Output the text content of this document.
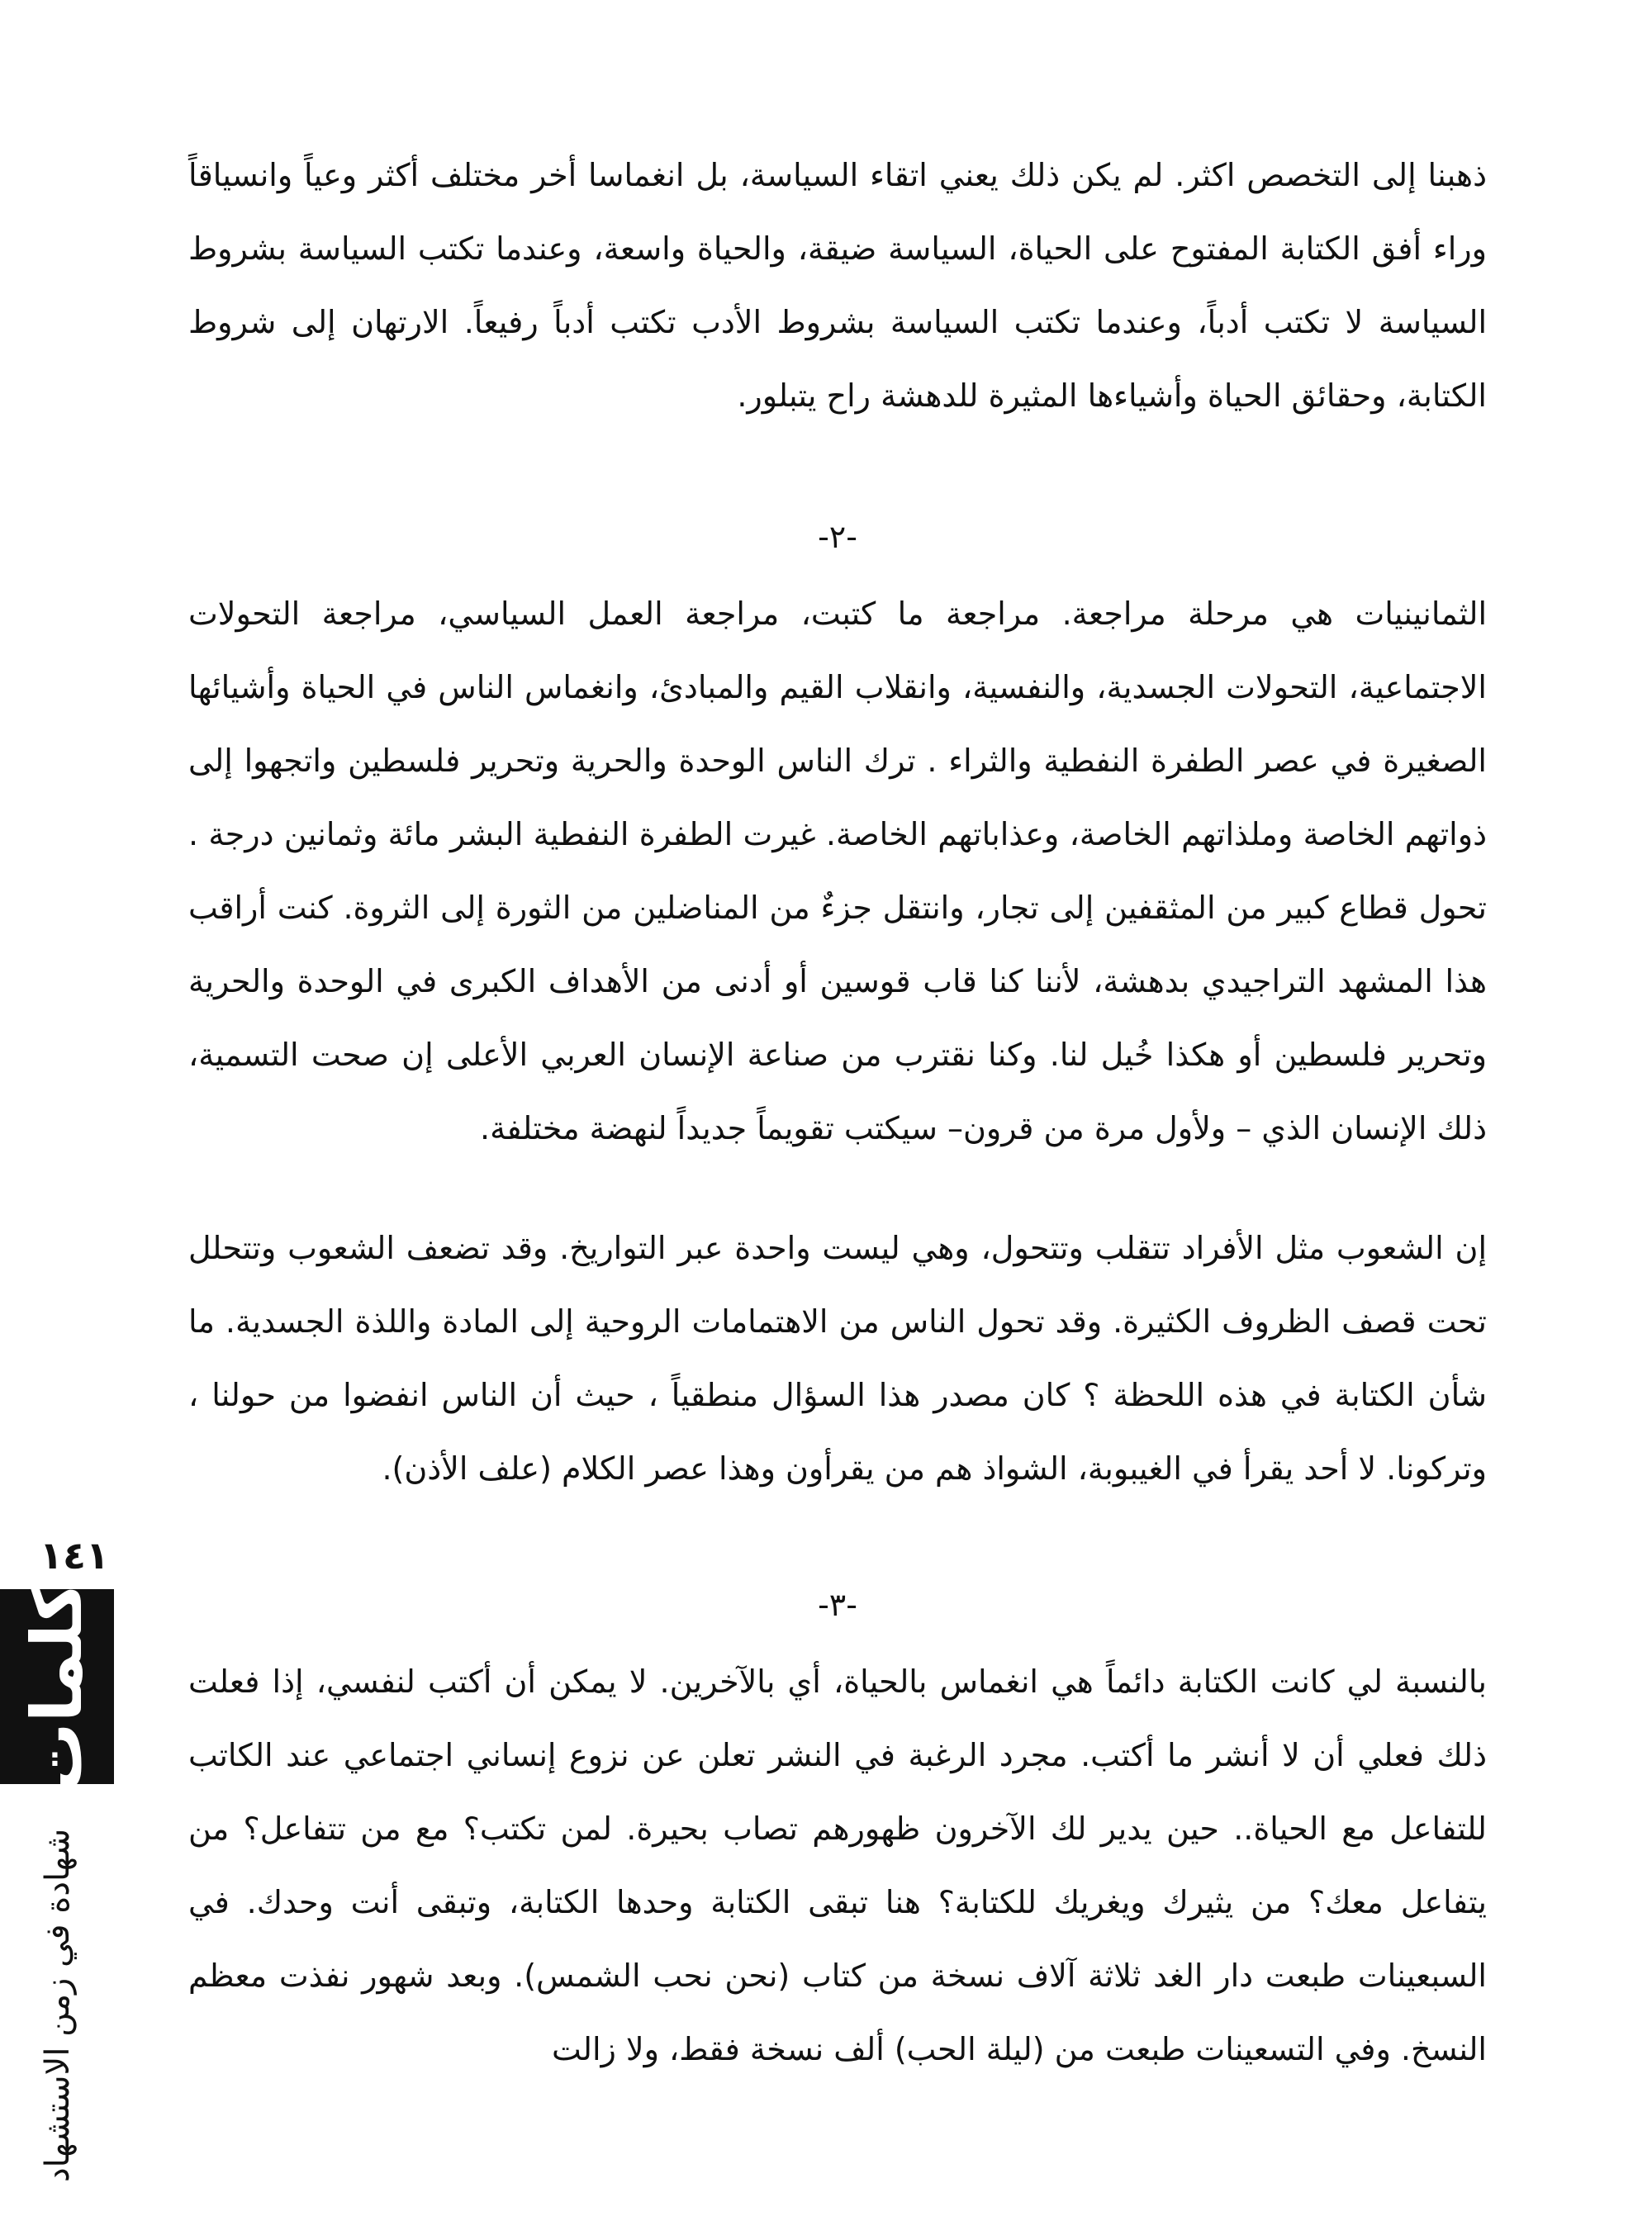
ذهبنا إلى التخصص اكثر. لم يكن ذلك يعني اتقاء السياسة، بل انغماسا أخر مختلف أكثر وعياً وانسياقاً وراء أفق الكتابة المفتوح على الحياة، السياسة ضيقة، والحياة واسعة، وعندما تكتب السياسة بشروط السياسة لا تكتب أدباً، وعندما تكتب السياسة بشروط الأدب تكتب أدباً رفيعاً. الارتهان إلى شروط الكتابة، وحقائق الحياة وأشياءها المثيرة للدهشة راح يتبلور.

-٢-

الثمانينيات هي مرحلة مراجعة. مراجعة ما كتبت، مراجعة العمل السياسي، مراجعة التحولات الاجتماعية، التحولات الجسدية، والنفسية، وانقلاب القيم والمبادئ، وانغماس الناس في الحياة وأشيائها الصغيرة في عصر الطفرة النفطية والثراء . ترك الناس الوحدة والحرية وتحرير فلسطين واتجهوا إلى ذواتهم الخاصة وملذاتهم الخاصة، وعذاباتهم الخاصة. غيرت الطفرة النفطية البشر مائة وثمانين درجة . تحول قطاع كبير من المثقفين إلى تجار، وانتقل جزءٌ من المناضلين من الثورة إلى الثروة. كنت أراقب هذا المشهد التراجيدي بدهشة، لأننا كنا قاب قوسين أو أدنى من الأهداف الكبرى في الوحدة والحرية وتحرير فلسطين أو هكذا خُيل لنا. وكنا نقترب من صناعة الإنسان العربي الأعلى إن صحت التسمية، ذلك الإنسان الذي – ولأول مرة من قرون– سيكتب تقويماً جديداً لنهضة مختلفة.

إن الشعوب مثل الأفراد تتقلب وتتحول، وهي ليست واحدة عبر التواريخ. وقد تضعف الشعوب وتتحلل تحت قصف الظروف الكثيرة. وقد تحول الناس من الاهتمامات الروحية إلى المادة واللذة الجسدية. ما شأن الكتابة في هذه اللحظة ؟ كان مصدر هذا السؤال منطقياً ، حيث أن الناس انفضوا من حولنا ، وتركونا. لا أحد يقرأ في الغيبوبة، الشواذ هم من يقرأون وهذا عصر الكلام (علف الأذن).

-٣-

بالنسبة لي كانت الكتابة دائماً هي انغماس بالحياة، أي بالآخرين. لا يمكن أن أكتب لنفسي، إذا فعلت ذلك فعلي أن لا أنشر ما أكتب. مجرد الرغبة في النشر تعلن عن نزوع إنساني اجتماعي عند الكاتب للتفاعل مع الحياة.. حين يدير لك الآخرون ظهورهم تصاب بحيرة. لمن تكتب؟ مع من تتفاعل؟ من يتفاعل معك؟ من يثيرك ويغريك للكتابة؟ هنا تبقى الكتابة وحدها الكتابة، وتبقى أنت وحدك. في السبعينات طبعت دار الغد ثلاثة آلاف نسخة من كتاب (نحن نحب الشمس). وبعد شهور نفذت معظم النسخ. وفي التسعينات طبعت من (ليلة الحب) ألف نسخة فقط، ولا زالت

١٤١
كلمات
شهادة في زمن الاستشهاد
